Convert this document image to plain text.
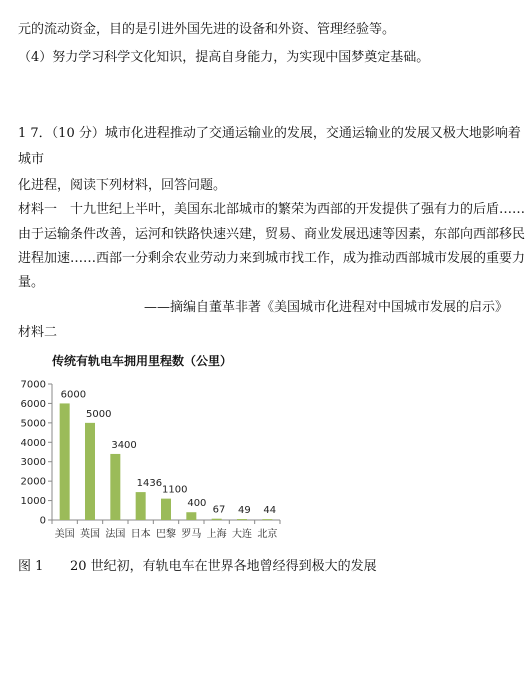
元的流动资金，目的是引进外国先进的设备和外资、管理经验等。
（4）努力学习科学文化知识，提高自身能力，为实现中国梦奠定基础。
1 7．（10 分）城市化进程推动了交通运输业的发展，交通运输业的发展又极大地影响着
城市
化进程，阅读下列材料，回答问题。
材料一　十九世纪上半叶，美国东北部城市的繁荣为西部的开发提供了强有力的后盾……
由于运输条件改善，运河和铁路快速兴建，贸易、商业发展迅速等因素，东部向西部移民
进程加速……西部一分剩余农业劳动力来到城市找工作，成为推动西部城市发展的重要力
量。
——摘编自董革非著《美国城市化进程对中国城市发展的启示》
材料二
传统有轨电车拥用里程数（公里）
0
1000
2000
3000
4000
5000
6000
7000
6000
美国
5000
英国
3400
法国
1436
日本
1100
巴黎
400
罗马
67
上海
49
大连
44
北京
图 1 20 世纪初，有轨电车在世界各地曾经得到极大的发展
